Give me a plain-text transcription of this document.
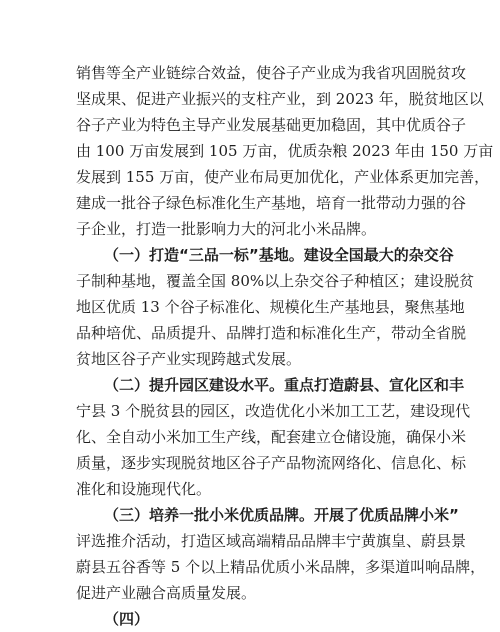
销售等全产业链综合效益，使谷子产业成为我省巩固脱贫攻
坚成果、促进产业振兴的支柱产业，到 2023 年，脱贫地区以
谷子产业为特色主导产业发展基础更加稳固，其中优质谷子
由 100 万亩发展到 105 万亩，优质杂粮 2023 年由 150 万亩
发展到 155 万亩，使产业布局更加优化，产业体系更加完善，
建成一批谷子绿色标准化生产基地，培育一批带动力强的谷
子企业，打造一批影响力大的河北小米品牌。
（一）打造“三品一标”基地。建设全国最大的杂交谷
子制种基地，覆盖全国 80%以上杂交谷子种植区；建设脱贫
地区优质 13 个谷子标准化、规模化生产基地县，聚焦基地
品种培优、品质提升、品牌打造和标准化生产，带动全省脱
贫地区谷子产业实现跨越式发展。
（二）提升园区建设水平。重点打造蔚县、宣化区和丰
宁县 3 个脱贫县的园区，改造优化小米加工工艺，建设现代
化、全自动小米加工生产线，配套建立仓储设施，确保小米
质量，逐步实现脱贫地区谷子产品物流网络化、信息化、标
准化和设施现代化。
（三）培养一批小米优质品牌。开展了优质品牌小米”
评选推介活动，打造区域高端精品品牌丰宁黄旗皇、蔚县景
蔚县五谷香等 5 个以上精品优质小米品牌，多渠道叫响品牌，
促进产业融合高质量发展。
（四）　　　
